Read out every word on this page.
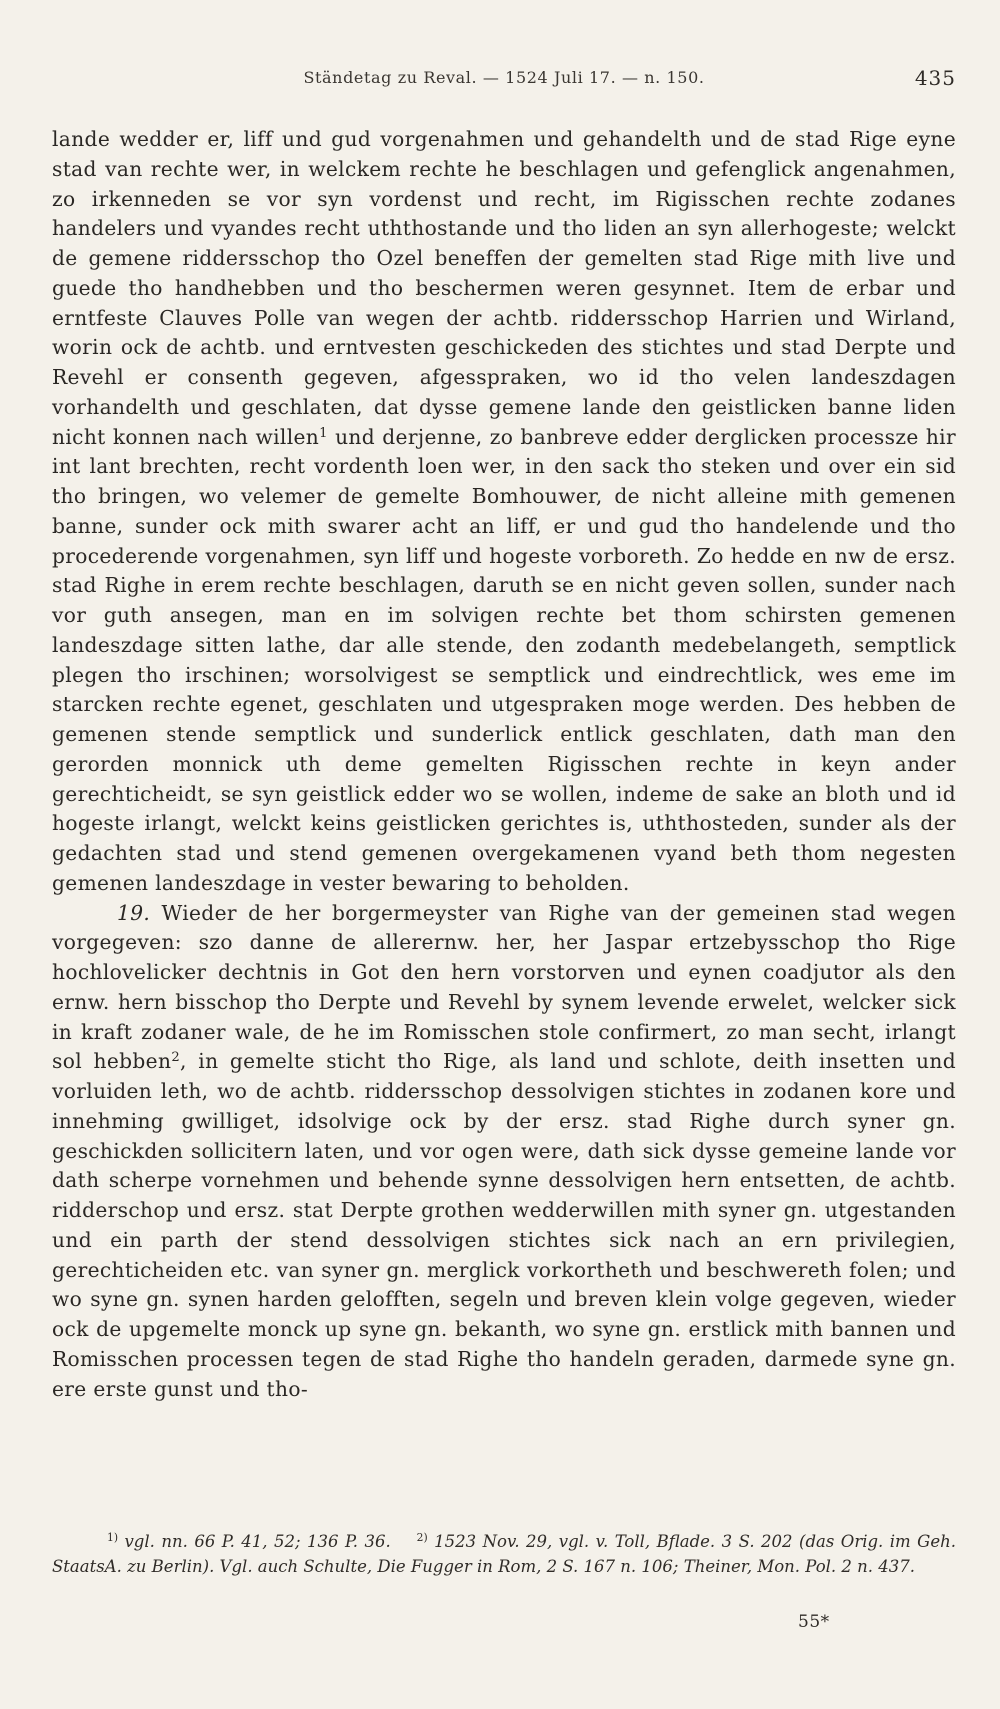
Ständetag zu Reval. — 1524 Juli 17. — n. 150.	435

lande wedder er, liff und gud vorgenahmen und gehandelth und de stad Rige eyne stad van rechte wer, in welckem rechte he beschlagen und gefenglick angenahmen, zo irkenneden se vor syn vordenst und recht, im Rigisschen rechte zodanes handelers und vyandes recht uththostande und tho liden an syn allerhogeste; welckt de gemene riddersschop tho Ozel beneffen der gemelten stad Rige mith live und guede tho handhebben und tho beschermen weren gesynnet. Item de erbar und erntfeste Clauves Polle van wegen der achtb. riddersschop Harrien und Wirland, worin ock de achtb. und erntvesten geschickeden des stichtes und stad Derpte und Revehl er consenth gegeven, afgesspraken, wo id tho velen landeszdagen vorhandelth und geschlaten, dat dysse gemene lande den geistlicken banne liden nicht konnen nach willen$^1$ und derjenne, zo banbreve edder derglicken processze hir int lant brechten, recht vordenth loen wer, in den sack tho steken und over ein sid tho bringen, wo velemer de gemelte Bomhouwer, de nicht alleine mith gemenen banne, sunder ock mith swarer acht an liff, er und gud tho handelende und tho procederende vorgenahmen, syn liff und hogeste vorboreth. Zo hedde en nw de ersz. stad Righe in erem rechte beschlagen, daruth se en nicht geven sollen, sunder nach vor guth ansegen, man en im solvigen rechte bet thom schirsten gemenen landeszdage sitten lathe, dar alle stende, den zodanth medebelangeth, semptlick plegen tho irschinen; worsolvigest se semptlick und eindrechtlick, wes eme im starcken rechte egenet, geschlaten und utgespraken moge werden. Des hebben de gemenen stende semptlick und sunderlick entlick geschlaten, dath man den gerorden monnick uth deme gemelten Rigisschen rechte in keyn ander gerechticheidt, se syn geistlick edder wo se wollen, indeme de sake an bloth und id hogeste irlangt, welckt keins geistlicken gerichtes is, uththosteden, sunder als der gedachten stad und stend gemenen overgekamenen vyand beth thom negesten gemenen landeszdage in vester bewaring to beholden.

19. Wieder de her borgermeyster van Righe van der gemeinen stad wegen vorgegeven: szo danne de allerernw. her, her Jaspar ertzebysschop tho Rige hochlovelicker dechtnis in Got den hern vorstorven und eynen coadjutor als den ernw. hern bisschop tho Derpte und Revehl by synem levende erwelet, welcker sick in kraft zodaner wale, de he im Romisschen stole confirmert, zo man secht, irlangt sol hebben$^2$, in gemelte sticht tho Rige, als land und schlote, deith insetten und vorluiden leth, wo de achtb. riddersschop dessolvigen stichtes in zodanen kore und innehming gwilliget, idsolvige ock by der ersz. stad Righe durch syner gn. geschickden sollicitern laten, und vor ogen were, dath sick dysse gemeine lande vor dath scherpe vornehmen und behende synne dessolvigen hern entsetten, de achtb. ridderschop und ersz. stat Derpte grothen wedderwillen mith syner gn. utgestanden und ein parth der stend dessolvigen stichtes sick nach an ern privilegien, gerechticheiden etc. van syner gn. merglick vorkortheth und beschwereth folen; und wo syne gn. synen harden gelofften, segeln und breven klein volge gegeven, wieder ock de upgemelte monck up syne gn. bekanth, wo syne gn. erstlick mith bannen und Romisschen processen tegen de stad Righe tho handeln geraden, darmede syne gn. ere erste gunst und tho-

$^{1)}$ vgl. nn. 66 P. 41, 52; 136 P. 36. $^{2)}$ 1523 Nov. 29, vgl. v. Toll, Bflade. 3 S. 202 (das Orig. im Geh. StaatsA. zu Berlin). Vgl. auch Schulte, Die Fugger in Rom, 2 S. 167 n. 106; Theiner, Mon. Pol. 2 n. 437.

55*
